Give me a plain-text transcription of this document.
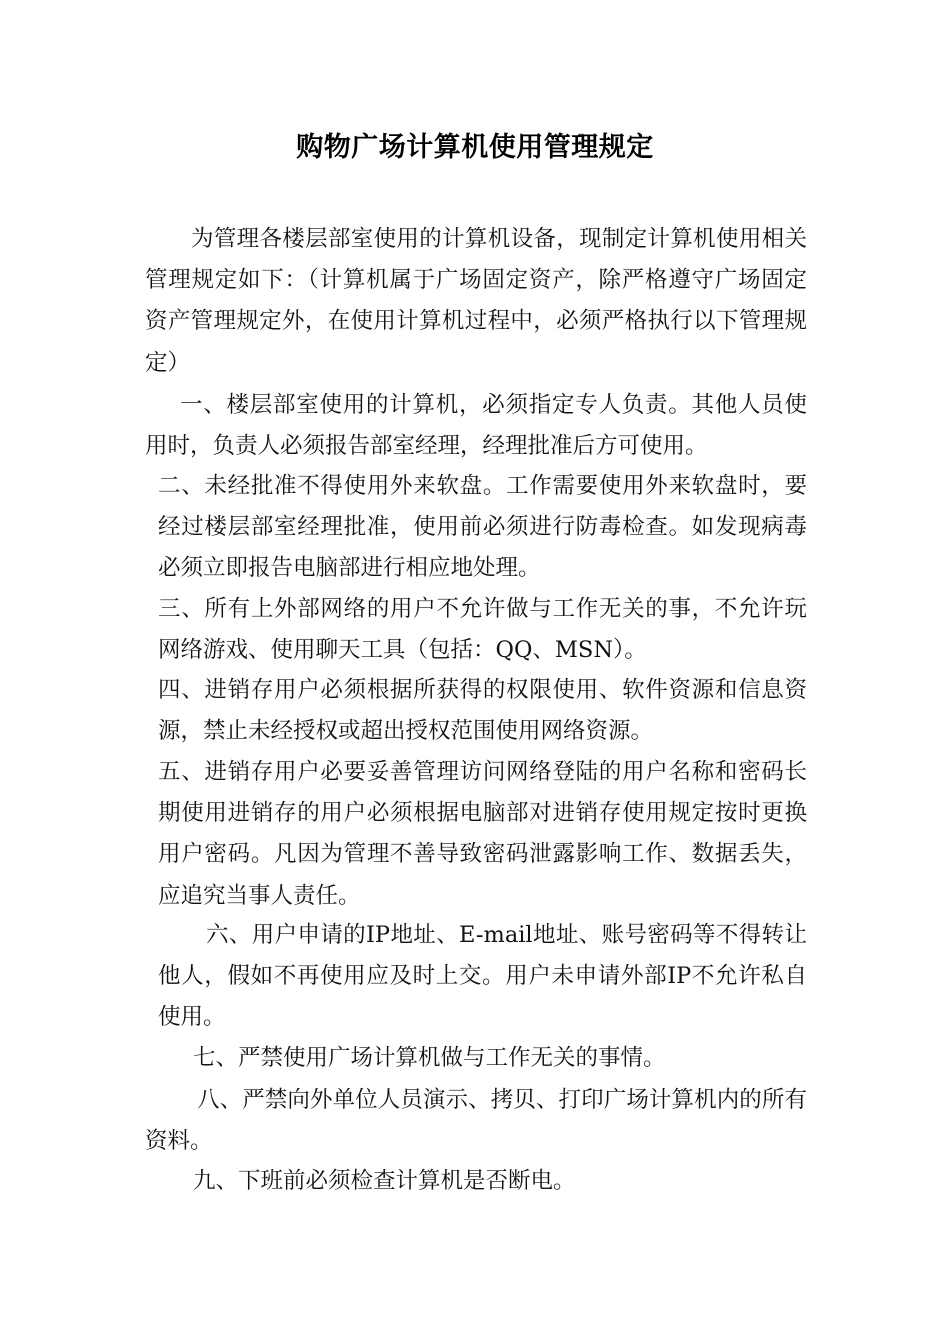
购物广场计算机使用管理规定
为管理各楼层部室使用的计算机设备，现制定计算机使用相关管理规定如下：（计算机属于广场固定资产，除严格遵守广场固定资产管理规定外，在使用计算机过程中，必须严格执行以下管理规定）
一、楼层部室使用的计算机，必须指定专人负责。其他人员使用时，负责人必须报告部室经理，经理批准后方可使用。
二、未经批准不得使用外来软盘。工作需要使用外来软盘时，要经过楼层部室经理批准，使用前必须进行防毒检查。如发现病毒必须立即报告电脑部进行相应地处理。
三、所有上外部网络的用户不允许做与工作无关的事，不允许玩网络游戏、使用聊天工具（包括：QQ、MSN）。
四、进销存用户必须根据所获得的权限使用、软件资源和信息资源，禁止未经授权或超出授权范围使用网络资源。
五、进销存用户必要妥善管理访问网络登陆的用户名称和密码长期使用进销存的用户必须根据电脑部对进销存使用规定按时更换用户密码。凡因为管理不善导致密码泄露影响工作、数据丢失，应追究当事人责任。
六、用户申请的IP地址、E-mail地址、账号密码等不得转让他人，假如不再使用应及时上交。用户未申请外部IP不允许私自使用。
七、严禁使用广场计算机做与工作无关的事情。
八、严禁向外单位人员演示、拷贝、打印广场计算机内的所有资料。
九、下班前必须检查计算机是否断电。
